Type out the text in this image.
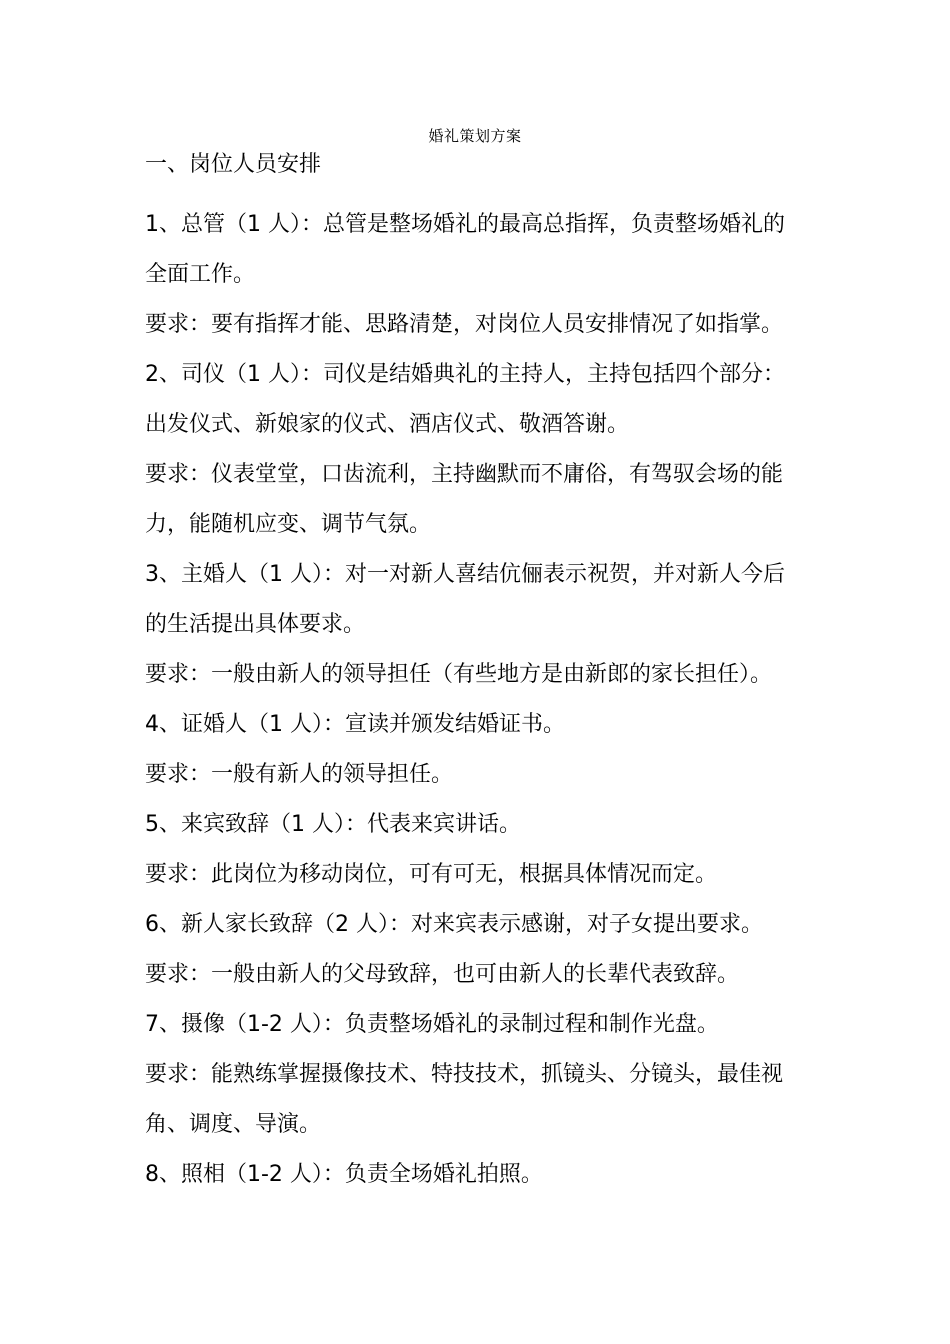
婚礼策划方案
一、岗位人员安排
1、总管（1 人）：总管是整场婚礼的最高总指挥，负责整场婚礼的
全面工作。
要求：要有指挥才能、思路清楚，对岗位人员安排情况了如指掌。
2、司仪（1 人）：司仪是结婚典礼的主持人，主持包括四个部分：
出发仪式、新娘家的仪式、酒店仪式、敬酒答谢。
要求：仪表堂堂，口齿流利，主持幽默而不庸俗，有驾驭会场的能
力，能随机应变、调节气氛。
3、主婚人（1 人）：对一对新人喜结伉俪表示祝贺，并对新人今后
的生活提出具体要求。
要求：一般由新人的领导担任（有些地方是由新郎的家长担任）。
4、证婚人（1 人）：宣读并颁发结婚证书。
要求：一般有新人的领导担任。
5、来宾致辞（1 人）：代表来宾讲话。
要求：此岗位为移动岗位，可有可无，根据具体情况而定。
6、新人家长致辞（2 人）：对来宾表示感谢，对子女提出要求。
要求：一般由新人的父母致辞，也可由新人的长辈代表致辞。
7、摄像（1-2 人）：负责整场婚礼的录制过程和制作光盘。
要求：能熟练掌握摄像技术、特技技术，抓镜头、分镜头，最佳视
角、调度、导演。
8、照相（1-2 人）：负责全场婚礼拍照。
